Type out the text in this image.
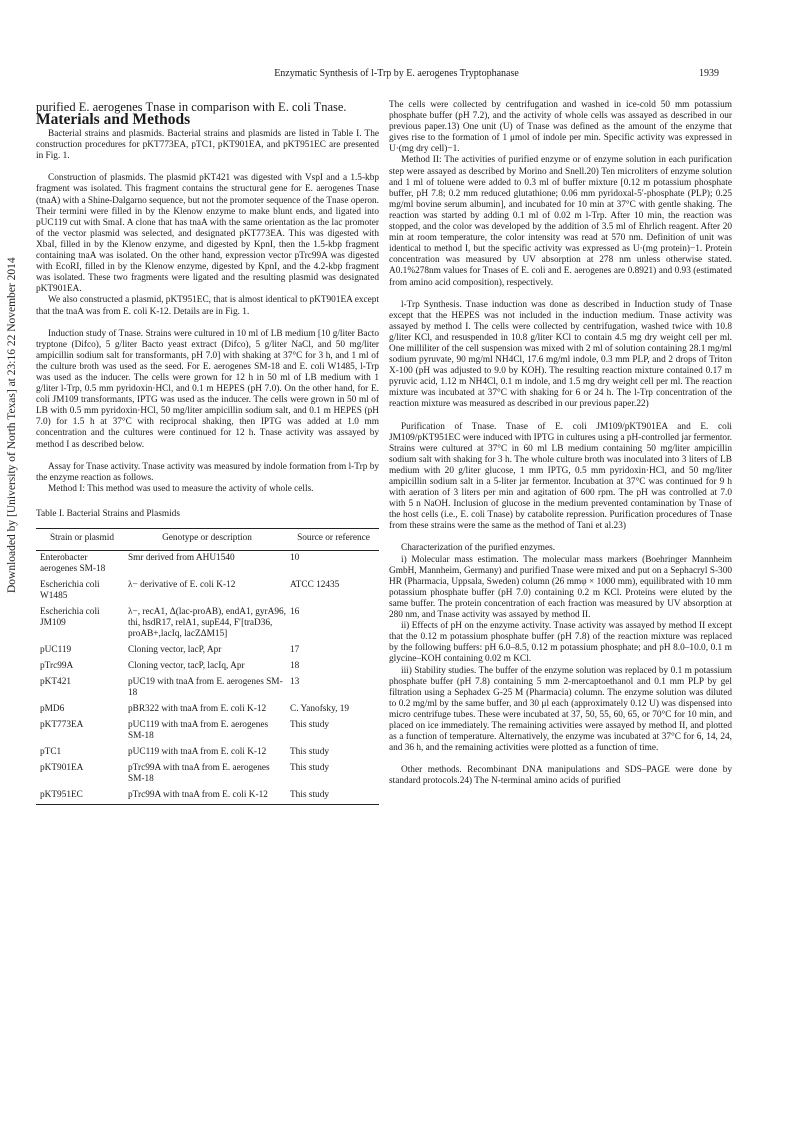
Enzymatic Synthesis of l-Trp by E. aerogenes Tryptophanase	1939
Downloaded by [University of North Texas] at 23:16 22 November 2014

purified E. aerogenes Tnase in comparison with E. coli Tnase.

Materials and Methods

Bacterial strains and plasmids. Bacterial strains and plasmids are listed in Table I. The construction procedures for pKT773EA, pTC1, pKT901EA, and pKT951EC are presented in Fig. 1.

Construction of plasmids. The plasmid pKT421 was digested with VspI and a 1.5-kbp fragment was isolated. This fragment contains the structural gene for E. aerogenes Tnase (tnaA) with a Shine-Dalgarno sequence, but not the promoter sequence of the Tnase operon. Their termini were filled in by the Klenow enzyme to make blunt ends, and ligated into pUC119 cut with SmaI. A clone that has tnaA with the same orientation as the lac promoter of the vector plasmid was selected, and designated pKT773EA. This was digested with XbaI, filled in by the Klenow enzyme, and digested by KpnI, then the 1.5-kbp fragment containing tnaA was isolated. On the other hand, expression vector pTrc99A was digested with EcoRI, filled in by the Klenow enzyme, digested by KpnI, and the 4.2-kbp fragment was isolated. These two fragments were ligated and the resulting plasmid was designated pKT901EA.

We also constructed a plasmid, pKT951EC, that is almost identical to pKT901EA except that the tnaA was from E. coli K-12. Details are in Fig. 1.

Induction study of Tnase. Strains were cultured in 10 ml of LB medium [10 g/liter Bacto tryptone (Difco), 5 g/liter Bacto yeast extract (Difco), 5 g/liter NaCl, and 50 mg/liter ampicillin sodium salt for transformants, pH 7.0] with shaking at 37°C for 3 h, and 1 ml of the culture broth was used as the seed. For E. aerogenes SM-18 and E. coli W1485, l-Trp was used as the inducer. The cells were grown for 12 h in 50 ml of LB medium with 1 g/liter l-Trp, 0.5 mm pyridoxin·HCl, and 0.1 m HEPES (pH 7.0). On the other hand, for E. coli JM109 transformants, IPTG was used as the inducer. The cells were grown in 50 ml of LB with 0.5 mm pyridoxin·HCl, 50 mg/liter ampicillin sodium salt, and 0.1 m HEPES (pH 7.0) for 1.5 h at 37°C with reciprocal shaking, then IPTG was added at 1.0 mm concentration and the cultures were continued for 12 h. Tnase activity was assayed by method I as described below.

Assay for Tnase activity. Tnase activity was measured by indole formation from l-Trp by the enzyme reaction as follows.

Method I: This method was used to measure the activity of whole cells.

Table I. Bacterial Strains and Plasmids
Strain or plasmid	Genotype or description	Source or reference
Enterobacter aerogenes SM-18	Smr derived from AHU1540	10
Escherichia coli W1485	λ− derivative of E. coli K-12	ATCC 12435
Escherichia coli JM109	λ−, recA1, Δ(lac-proAB), endA1, gyrA96, thi, hsdR17, relA1, supE44, F′[traD36, proAB+,lacIq, lacZΔM15]	16
pUC119	Cloning vector, lacP, Apr	17
pTrc99A	Cloning vector, tacP, lacIq, Apr	18
pKT421	pUC19 with tnaA from E. aerogenes SM-18	13
pMD6	pBR322 with tnaA from E. coli K-12	C. Yanofsky, 19
pKT773EA	pUC119 with tnaA from E. aerogenes SM-18	This study
pTC1	pUC119 with tnaA from E. coli K-12	This study
pKT901EA	pTrc99A with tnaA from E. aerogenes SM-18	This study
pKT951EC	pTrc99A with tnaA from E. coli K-12	This study

The cells were collected by centrifugation and washed in ice-cold 50 mm potassium phosphate buffer (pH 7.2), and the activity of whole cells was assayed as described in our previous paper.13) One unit (U) of Tnase was defined as the amount of the enzyme that gives rise to the formation of 1 μmol of indole per min. Specific activity was expressed in U·(mg dry cell)−1.

Method II: The activities of purified enzyme or of enzyme solution in each purification step were assayed as described by Morino and Snell.20) Ten microliters of enzyme solution and 1 ml of toluene were added to 0.3 ml of buffer mixture [0.12 m potassium phosphate buffer, pH 7.8; 0.2 mm reduced glutathione; 0.06 mm pyridoxal-5′-phosphate (PLP); 0.25 mg/ml bovine serum albumin], and incubated for 10 min at 37°C with gentle shaking. The reaction was started by adding 0.1 ml of 0.02 m l-Trp. After 10 min, the reaction was stopped, and the color was developed by the addition of 3.5 ml of Ehrlich reagent. After 20 min at room temperature, the color intensity was read at 570 nm. Definition of unit was identical to method I, but the specific activity was expressed as U·(mg protein)−1. Protein concentration was measured by UV absorption at 278 nm unless otherwise stated. A0.1%278nm values for Tnases of E. coli and E. aerogenes are 0.8921) and 0.93 (estimated from amino acid composition), respectively.

l-Trp Synthesis. Tnase induction was done as described in Induction study of Tnase except that the HEPES was not included in the induction medium. Tnase activity was assayed by method I. The cells were collected by centrifugation, washed twice with 10.8 g/liter KCl, and resuspended in 10.8 g/liter KCl to contain 4.5 mg dry weight cell per ml. One milliliter of the cell suspension was mixed with 2 ml of solution containing 28.1 mg/ml sodium pyruvate, 90 mg/ml NH4Cl, 17.6 mg/ml indole, 0.3 mm PLP, and 2 drops of Triton X-100 (pH was adjusted to 9.0 by KOH). The resulting reaction mixture contained 0.17 m pyruvic acid, 1.12 m NH4Cl, 0.1 m indole, and 1.5 mg dry weight cell per ml. The reaction mixture was incubated at 37°C with shaking for 6 or 24 h. The l-Trp concentration of the reaction mixture was measured as described in our previous paper.22)

Purification of Tnase. Tnase of E. coli JM109/pKT901EA and E. coli JM109/pKT951EC were induced with IPTG in cultures using a pH-controlled jar fermentor. Strains were cultured at 37°C in 60 ml LB medium containing 50 mg/liter ampicillin sodium salt with shaking for 3 h. The whole culture broth was inoculated into 3 liters of LB medium with 20 g/liter glucose, 1 mm IPTG, 0.5 mm pyridoxin·HCl, and 50 mg/liter ampicillin sodium salt in a 5-liter jar fermentor. Incubation at 37°C was continued for 9 h with aeration of 3 liters per min and agitation of 600 rpm. The pH was controlled at 7.0 with 5 n NaOH. Inclusion of glucose in the medium prevented contamination by Tnase of the host cells (i.e., E. coli Tnase) by catabolite repression. Purification procedures of Tnase from these strains were the same as the method of Tani et al.23)

Characterization of the purified enzymes.

i) Molecular mass estimation. The molecular mass markers (Boehringer Mannheim GmbH, Mannheim, Germany) and purified Tnase were mixed and put on a Sephacryl S-300 HR (Pharmacia, Uppsala, Sweden) column (26 mmφ × 1000 mm), equilibrated with 10 mm potassium phosphate buffer (pH 7.0) containing 0.2 m KCl. Proteins were eluted by the same buffer. The protein concentration of each fraction was measured by UV absorption at 280 nm, and Tnase activity was assayed by method II.

ii) Effects of pH on the enzyme activity. Tnase activity was assayed by method II except that the 0.12 m potassium phosphate buffer (pH 7.8) of the reaction mixture was replaced by the following buffers: pH 6.0–8.5, 0.12 m potassium phosphate; and pH 8.0–10.0, 0.1 m glycine–KOH containing 0.02 m KCl.

iii) Stability studies. The buffer of the enzyme solution was replaced by 0.1 m potassium phosphate buffer (pH 7.8) containing 5 mm 2-mercaptoethanol and 0.1 mm PLP by gel filtration using a Sephadex G-25 M (Pharmacia) column. The enzyme solution was diluted to 0.2 mg/ml by the same buffer, and 30 μl each (approximately 0.12 U) was dispensed into micro centrifuge tubes. These were incubated at 37, 50, 55, 60, 65, or 70°C for 10 min, and placed on ice immediately. The remaining activities were assayed by method II, and plotted as a function of temperature. Alternatively, the enzyme was incubated at 37°C for 6, 14, 24, and 36 h, and the remaining activities were plotted as a function of time.

Other methods. Recombinant DNA manipulations and SDS–PAGE were done by standard protocols.24) The N-terminal amino acids of purified
